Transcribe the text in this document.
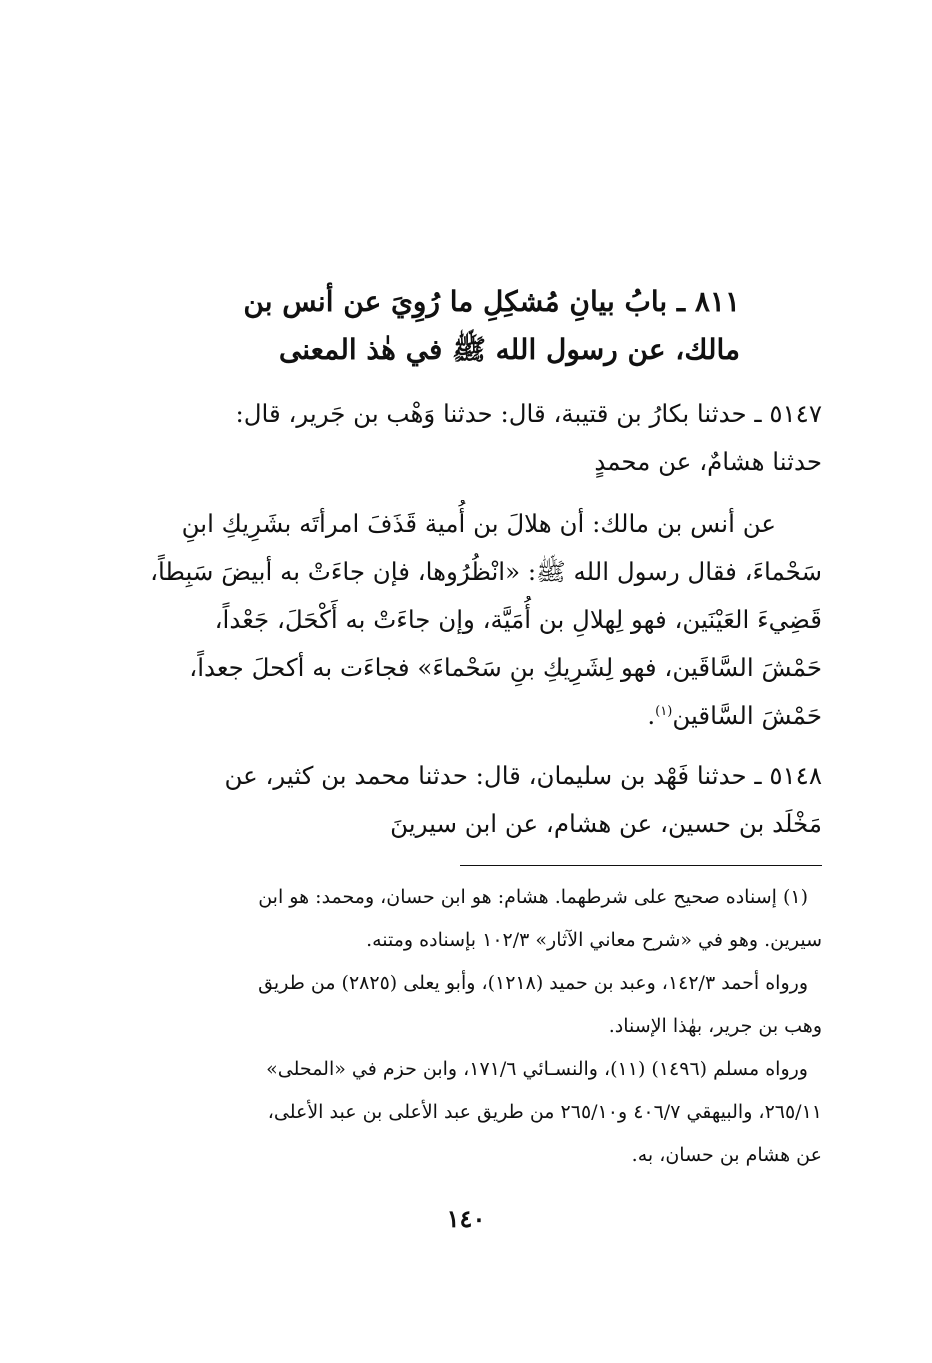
٨١١ ـ بابُ بيانِ مُشكِلِ ما رُوِيَ عن أنس بن
مالك، عن رسول الله ﷺ في هٰذ المعنى
٥١٤٧ ـ حدثنا بكارُ بن قتيبة، قال: حدثنا وَهْب بن جَرير، قال:
حدثنا هشامٌ، عن محمدٍ
عن أنس بن مالك: أن هلالَ بن أُمية قَذَفَ امرأتَه بشَرِيكِ ابنِ
سَحْماءَ، فقال رسول الله ﷺ: «انْظُرُوها، فإن جاءَتْ به أبيضَ سَبِطاً،
قَضِيءَ العَيْنَين، فهو لِهلالِ بن أُمَيَّة، وإن جاءَتْ به أَكْحَلَ، جَعْداً،
حَمْشَ السَّاقَين، فهو لِشَرِيكِ بنِ سَحْماءَ» فجاءَت به أكحلَ جعداً،
حَمْشَ السَّاقين$^{(١)}$.
٥١٤٨ ـ حدثنا فَهْد بن سليمان، قال: حدثنا محمد بن كثير، عن
مَخْلَد بن حسين، عن هشام، عن ابن سيرينَ
(١) إسناده صحيح على شرطهما. هشام: هو ابن حسان، ومحمد: هو ابن
سيرين. وهو في «شرح معاني الآثار» ١٠٢/٣ بإسناده ومتنه.
ورواه أحمد ١٤٢/٣، وعبد بن حميد (١٢١٨)، وأبو يعلى (٢٨٢٥) من طريق
وهب بن جرير، بهٰذا الإسناد.
ورواه مسلم (١٤٩٦) (١١)، والنسـائي ١٧١/٦، وابن حزم في «المحلى»
٢٦٥/١١، والبيهقي ٤٠٦/٧ و٢٦٥/١٠ من طريق عبد الأعلى بن عبد الأعلى،
عن هشام بن حسان، به.
١٤٠
